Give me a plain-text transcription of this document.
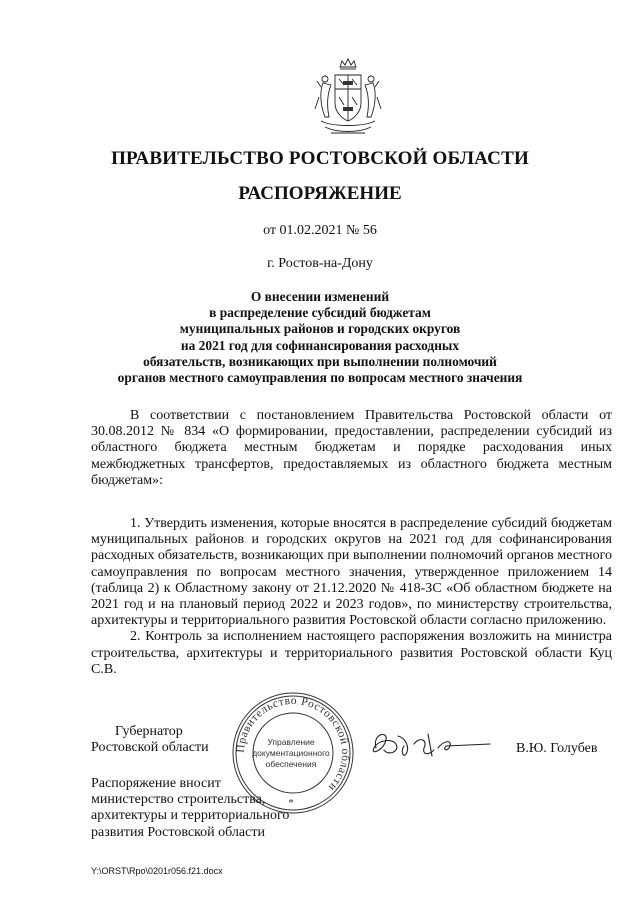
ПРАВИТЕЛЬСТВО РОСТОВСКОЙ ОБЛАСТИ
РАСПОРЯЖЕНИЕ
от 01.02.2021 № 56
г. Ростов-на-Дону
О внесении изменений
в распределение субсидий бюджетам
муниципальных районов и городских округов
на 2021 год для софинансирования расходных
обязательств, возникающих при выполнении полномочий
органов местного самоуправления по вопросам местного значения

В соответствии с постановлением Правительства Ростовской области от 30.08.2012 № 834 «О формировании, предоставлении, распределении субсидий из областного бюджета местным бюджетам и порядке расходования иных межбюджетных трансфертов, предоставляемых из областного бюджета местным бюджетам»:

1. Утвердить изменения, которые вносятся в распределение субсидий бюджетам муниципальных районов и городских округов на 2021 год для софинансирования расходных обязательств, возникающих при выполнении полномочий органов местного самоуправления по вопросам местного значения, утвержденное приложением 14 (таблица 2) к Областному закону от 21.12.2020 № 418-ЗС «Об областном бюджете на 2021 год и на плановый период 2022 и 2023 годов», по министерству строительства, архитектуры и территориального развития Ростовской области согласно приложению.

2. Контроль за исполнением настоящего распоряжения возложить на министра строительства, архитектуры и территориального развития Ростовской области Куц С.В.

Губернатор
Ростовской области	Правительство Ростовской области
Управление
документационного
обеспечения
*
В.Ю. Голубев
Распоряжение вносит
министерство строительства,
архитектуры и территориального
развития Ростовской области
Y:\ORST\Rpo\0201r056.f21.docx
